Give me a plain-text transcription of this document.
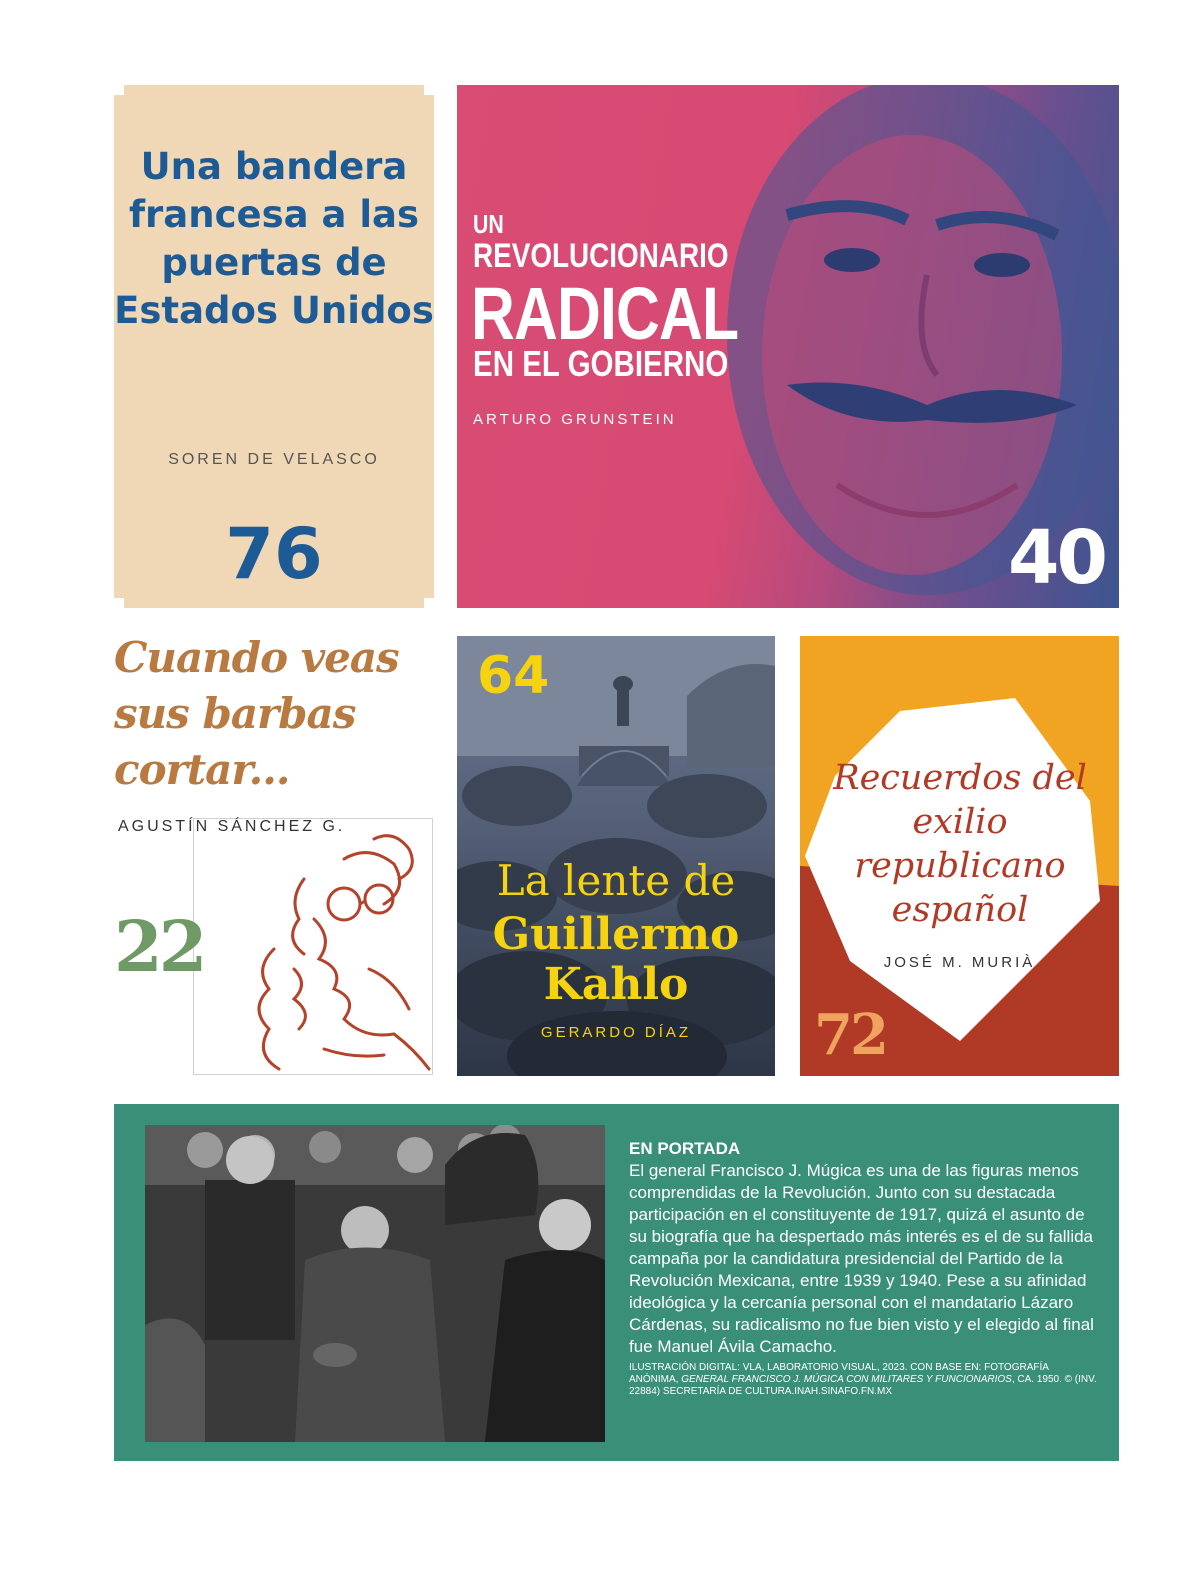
Una bandera francesa a las puertas de Estados Unidos
SOREN DE VELASCO
76
UN
REVOLUCIONARIO
RADICAL
EN EL GOBIERNO
ARTURO GRUNSTEIN
40
Cuando veas sus barbas cortar...
AGUSTÍN SÁNCHEZ G.
22
64
La lente de
Guillermo Kahlo
GERARDO DÍAZ
Recuerdos del exilio republicano español
JOSÉ M. MURIÀ
72
EN PORTADA
El general Francisco J. Múgica es una de las figuras menos comprendidas de la Revolución. Junto con su destacada participación en el constituyente de 1917, quizá el asunto de su biografía que ha despertado más interés es el de su fallida campaña por la candidatura presidencial del Partido de la Revolución Mexicana, entre 1939 y 1940. Pese a su afinidad ideológica y la cercanía personal con el mandatario Lázaro Cárdenas, su radicalismo no fue bien visto y el elegido al final fue Manuel Ávila Camacho.
ILUSTRACIÓN DIGITAL: VLA, LABORATORIO VISUAL, 2023. CON BASE EN: FOTOGRAFÍA ANÓNIMA, GENERAL FRANCISCO J. MÚGICA CON MILITARES Y FUNCIONARIOS, CA. 1950. © (INV. 22884) SECRETARÍA DE CULTURA.INAH.SINAFO.FN.MX
